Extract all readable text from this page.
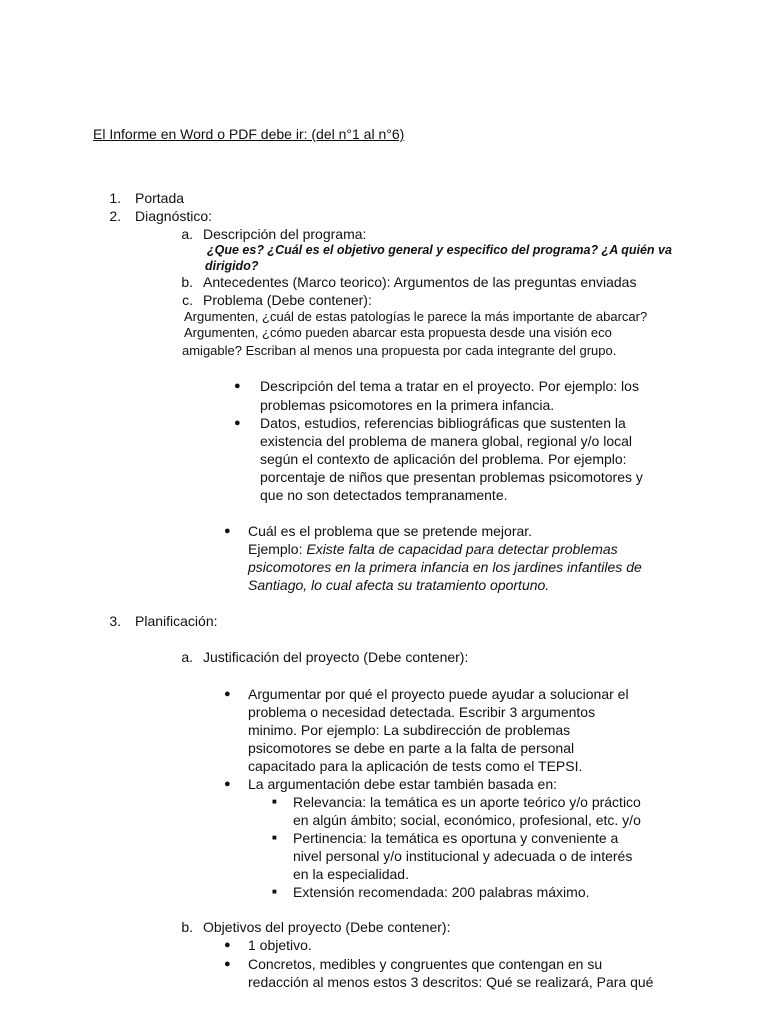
El Informe en Word o PDF debe ir: (del n°1 al n°6)
1. Portada
2. Diagnóstico:
a. Descripción del programa:
¿Que es? ¿Cuál es el objetivo general y especifico del programa? ¿A quién va
dirigido?
b. Antecedentes (Marco teorico): Argumentos de las preguntas enviadas
c. Problema (Debe contener):
Argumenten, ¿cuál de estas patologías le parece la más importante de abarcar?
Argumenten, ¿cómo pueden abarcar esta propuesta desde una visión eco
amigable? Escriban al menos una propuesta por cada integrante del grupo.
● Descripción del tema a tratar en el proyecto. Por ejemplo: los
problemas psicomotores en la primera infancia.
● Datos, estudios, referencias bibliográficas que sustenten la
existencia del problema de manera global, regional y/o local
según el contexto de aplicación del problema. Por ejemplo:
porcentaje de niños que presentan problemas psicomotores y
que no son detectados tempranamente.
● Cuál es el problema que se pretende mejorar.
Ejemplo: Existe falta de capacidad para detectar problemas
psicomotores en la primera infancia en los jardines infantiles de
Santiago, lo cual afecta su tratamiento oportuno.
3. Planificación:
a. Justificación del proyecto (Debe contener):
● Argumentar por qué el proyecto puede ayudar a solucionar el
problema o necesidad detectada. Escribir 3 argumentos
minimo. Por ejemplo: La subdirección de problemas
psicomotores se debe en parte a la falta de personal
capacitado para la aplicación de tests como el TEPSI.
● La argumentación debe estar también basada en:
■ Relevancia: la temática es un aporte teórico y/o práctico
en algún ámbito; social, económico, profesional, etc. y/o
■ Pertinencia: la temática es oportuna y conveniente a
nivel personal y/o institucional y adecuada o de interés
en la especialidad.
■ Extensión recomendada: 200 palabras máximo.
b. Objetivos del proyecto (Debe contener):
● 1 objetivo.
● Concretos, medibles y congruentes que contengan en su
redacción al menos estos 3 descritos: Qué se realizará, Para qué
